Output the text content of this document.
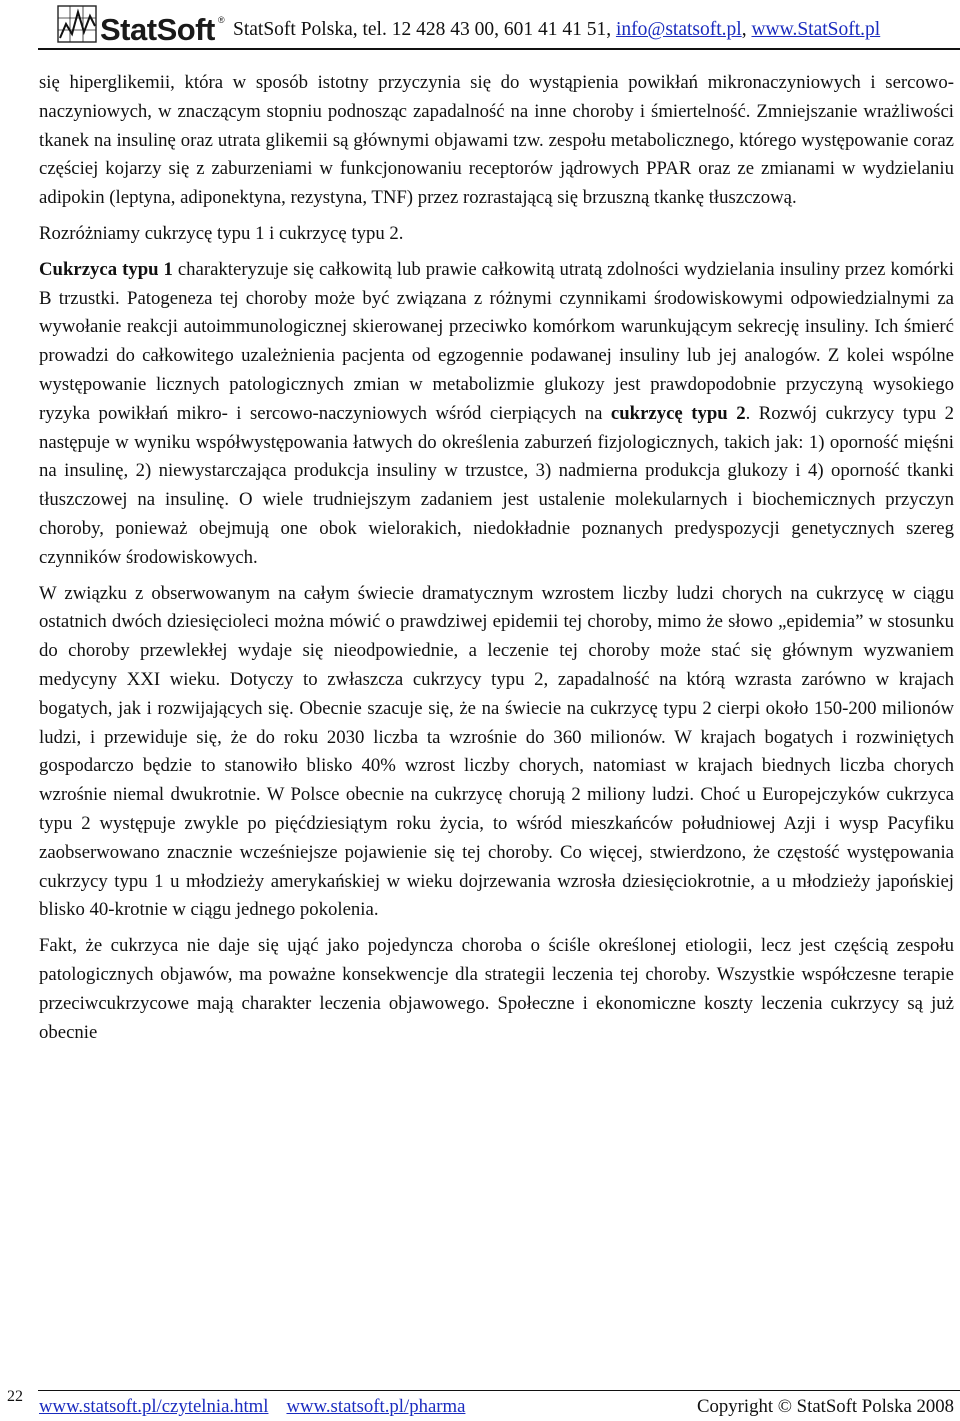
StatSoft ® StatSoft Polska, tel. 12 428 43 00, 601 41 41 51, info@statsoft.pl, www.StatSoft.pl

się hiperglikemii, która w sposób istotny przyczynia się do wystąpienia powikłań mikronaczyniowych i sercowo-naczyniowych, w znaczącym stopniu podnosząc zapadalność na inne choroby i śmiertelność. Zmniejszanie wrażliwości tkanek na insulinę oraz utrata glikemii są głównymi objawami tzw. zespołu metabolicznego, którego występowanie coraz częściej kojarzy się z zaburzeniami w funkcjonowaniu receptorów jądrowych PPAR oraz ze zmianami w wydzielaniu adipokin (leptyna, adiponektyna, rezystyna, TNF) przez rozrastającą się brzuszną tkankę tłuszczową.

Rozróżniamy cukrzycę typu 1 i cukrzycę typu 2.

Cukrzyca typu 1 charakteryzuje się całkowitą lub prawie całkowitą utratą zdolności wydzielania insuliny przez komórki B trzustki. Patogeneza tej choroby może być związana z różnymi czynnikami środowiskowymi odpowiedzialnymi za wywołanie reakcji autoimmunologicznej skierowanej przeciwko komórkom warunkującym sekrecję insuliny. Ich śmierć prowadzi do całkowitego uzależnienia pacjenta od egzogennie podawanej insuliny lub jej analogów. Z kolei wspólne występowanie licznych patologicznych zmian w metabolizmie glukozy jest prawdopodobnie przyczyną wysokiego ryzyka powikłań mikro- i sercowo-naczyniowych wśród cierpiących na cukrzycę typu 2. Rozwój cukrzycy typu 2 następuje w wyniku współwystępowania łatwych do określenia zaburzeń fizjologicznych, takich jak: 1) oporność mięśni na insulinę, 2) niewystarczająca produkcja insuliny w trzustce, 3) nadmierna produkcja glukozy i 4) oporność tkanki tłuszczowej na insulinę. O wiele trudniejszym zadaniem jest ustalenie molekularnych i biochemicznych przyczyn choroby, ponieważ obejmują one obok wielorakich, niedokładnie poznanych predyspozycji genetycznych szereg czynników środowiskowych.

W związku z obserwowanym na całym świecie dramatycznym wzrostem liczby ludzi chorych na cukrzycę w ciągu ostatnich dwóch dziesięcioleci można mówić o prawdziwej epidemii tej choroby, mimo że słowo „epidemia” w stosunku do choroby przewlekłej wydaje się nieodpowiednie, a leczenie tej choroby może stać się głównym wyzwaniem medycyny XXI wieku. Dotyczy to zwłaszcza cukrzycy typu 2, zapadalność na którą wzrasta zarówno w krajach bogatych, jak i rozwijających się. Obecnie szacuje się, że na świecie na cukrzycę typu 2 cierpi około 150-200 milionów ludzi, i przewiduje się, że do roku 2030 liczba ta wzrośnie do 360 milionów. W krajach bogatych i rozwiniętych gospodarczo będzie to stanowiło blisko 40% wzrost liczby chorych, natomiast w krajach biednych liczba chorych wzrośnie niemal dwukrotnie. W Polsce obecnie na cukrzycę chorują 2 miliony ludzi. Choć u Europejczyków cukrzyca typu 2 występuje zwykle po pięćdziesiątym roku życia, to wśród mieszkańców południowej Azji i wysp Pacyfiku zaobserwowano znacznie wcześniejsze pojawienie się tej choroby. Co więcej, stwierdzono, że częstość występowania cukrzycy typu 1 u młodzieży amerykańskiej w wieku dojrzewania wzrosła dziesięciokrotnie, a u młodzieży japońskiej blisko 40-krotnie w ciągu jednego pokolenia.

Fakt, że cukrzyca nie daje się ująć jako pojedyncza choroba o ściśle określonej etiologii, lecz jest częścią zespołu patologicznych objawów, ma poważne konsekwencje dla strategii leczenia tej choroby. Wszystkie współczesne terapie przeciwcukrzycowe mają charakter leczenia objawowego. Społeczne i ekonomiczne koszty leczenia cukrzycy są już obecnie

22 www.statsoft.pl/czytelnia.html www.statsoft.pl/pharma	Copyright © StatSoft Polska 2008
